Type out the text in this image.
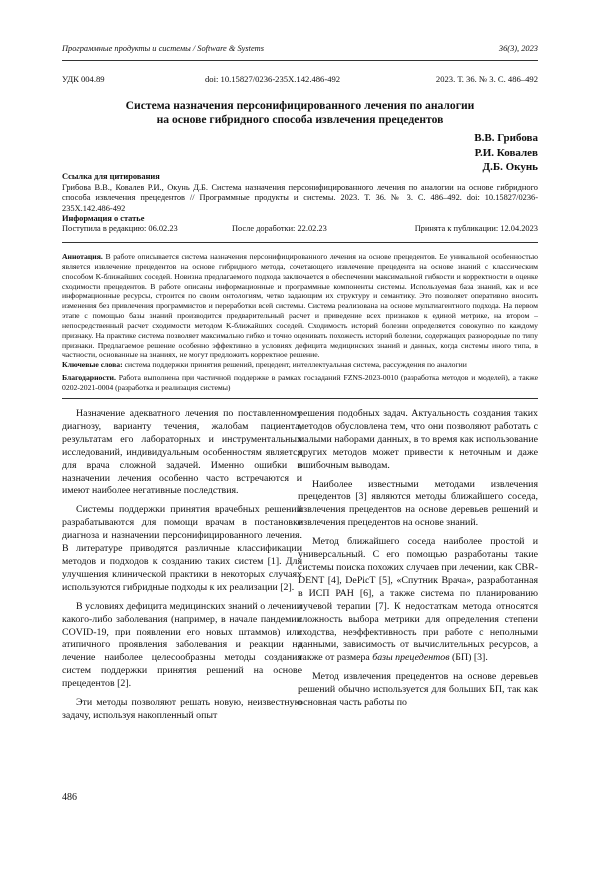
Программные продукты и системы / Software & Systems	36(3), 2023
УДК 004.89	doi: 10.15827/0236-235X.142.486-492	2023. Т. 36. № 3. С. 486–492
Система назначения персонифицированного лечения по аналогии
на основе гибридного способа извлечения прецедентов
В.В. Грибова
Р.И. Ковалев
Д.Б. Окунь
Ссылка для цитирования

Грибова В.В., Ковалев Р.И., Окунь Д.Б. Система назначения персонифицированного лечения по аналогии на основе гибридного способа извлечения прецедентов // Программные продукты и системы. 2023. Т. 36. № 3. С. 486–492. doi: 10.15827/0236-235X.142.486-492

Информация о статье
Поступила в редакцию: 06.02.23	После доработки: 22.02.23	Принята к публикации: 12.04.2023

Аннотация. В работе описывается система назначения персонифицированного лечения на основе прецедентов. Ее уникальной особенностью является извлечение прецедентов на основе гибридного метода, сочетающего извлечение прецедента на основе знаний с классическим способом K-ближайших соседей. Новизна предлагаемого подхода заключается в обеспечении максимальной гибкости и корректности в оценке сходимости прецедентов. В работе описаны информационные и программные компоненты системы. Используемая база знаний, как и все информационные ресурсы, строится по своим онтологиям, четко задающим их структуру и семантику. Это позволяет оперативно вносить изменения без привлечения программистов и переработки всей системы. Система реализована на основе мультиагентного подхода. На первом этапе с помощью базы знаний производится предварительный расчет и приведение всех признаков к единой метрике, на втором – непосредственный расчет сходимости методом K-ближайших соседей. Сходимость историй болезни определяется совокупно по каждому признаку. На практике система позволяет максимально гибко и точно оценивать похожесть историй болезни, содержащих разнородные по типу признаки. Предлагаемое решение особенно эффективно в условиях дефицита медицинских знаний и данных, когда системы иного типа, в частности, основанные на знаниях, не могут предложить корректное решение.

Ключевые слова: система поддержки принятия решений, прецедент, интеллектуальная система, рассуждения по аналогии

Благодарности. Работа выполнена при частичной поддержке в рамках госзаданий FZNS-2023-0010 (разработка методов и моделей), а также 0202-2021-0004 (разработка и реализация системы)

Назначение адекватного лечения по поставленному диагнозу, варианту течения, жалобам пациента, результатам его лабораторных и инструментальных исследований, индивидуальным особенностям является для врача сложной задачей. Именно ошибки в назначении лечения особенно часто встречаются и имеют наиболее негативные последствия.

Системы поддержки принятия врачебных решений разрабатываются для помощи врачам в постановке диагноза и назначении персонифицированного лечения. В литературе приводятся различные классификации методов и подходов к созданию таких систем [1]. Для улучшения клинической практики в некоторых случаях используются гибридные подходы к их реализации [2].

В условиях дефицита медицинских знаний о лечении какого-либо заболевания (например, в начале пандемии COVID-19, при появлении его новых штаммов) или атипичного проявления заболевания и реакции на лечение наиболее целесообразны методы создания систем поддержки принятия решений на основе прецедентов [2].

Эти методы позволяют решать новую, неизвестную задачу, используя накопленный опыт

решения подобных задач. Актуальность создания таких методов обусловлена тем, что они позволяют работать с малыми наборами данных, в то время как использование других методов может привести к неточным и даже ошибочным выводам.

Наиболее известными методами извлечения прецедентов [3] являются методы ближайшего соседа, извлечения прецедентов на основе деревьев решений и извлечения прецедентов на основе знаний.

Метод ближайшего соседа наиболее простой и универсальный. С его помощью разработаны такие системы поиска похожих случаев при лечении, как CBR-DENT [4], DePicT [5], «Спутник Врача», разработанная в ИСП РАН [6], а также система по планированию лучевой терапии [7]. К недостаткам метода относятся сложность выбора метрики для определения степени сходства, неэффективность при работе с неполными данными, зависимость от вычислительных ресурсов, а также от размера базы прецедентов (БП) [3].

Метод извлечения прецедентов на основе деревьев решений обычно используется для больших БП, так как основная часть работы по

486
